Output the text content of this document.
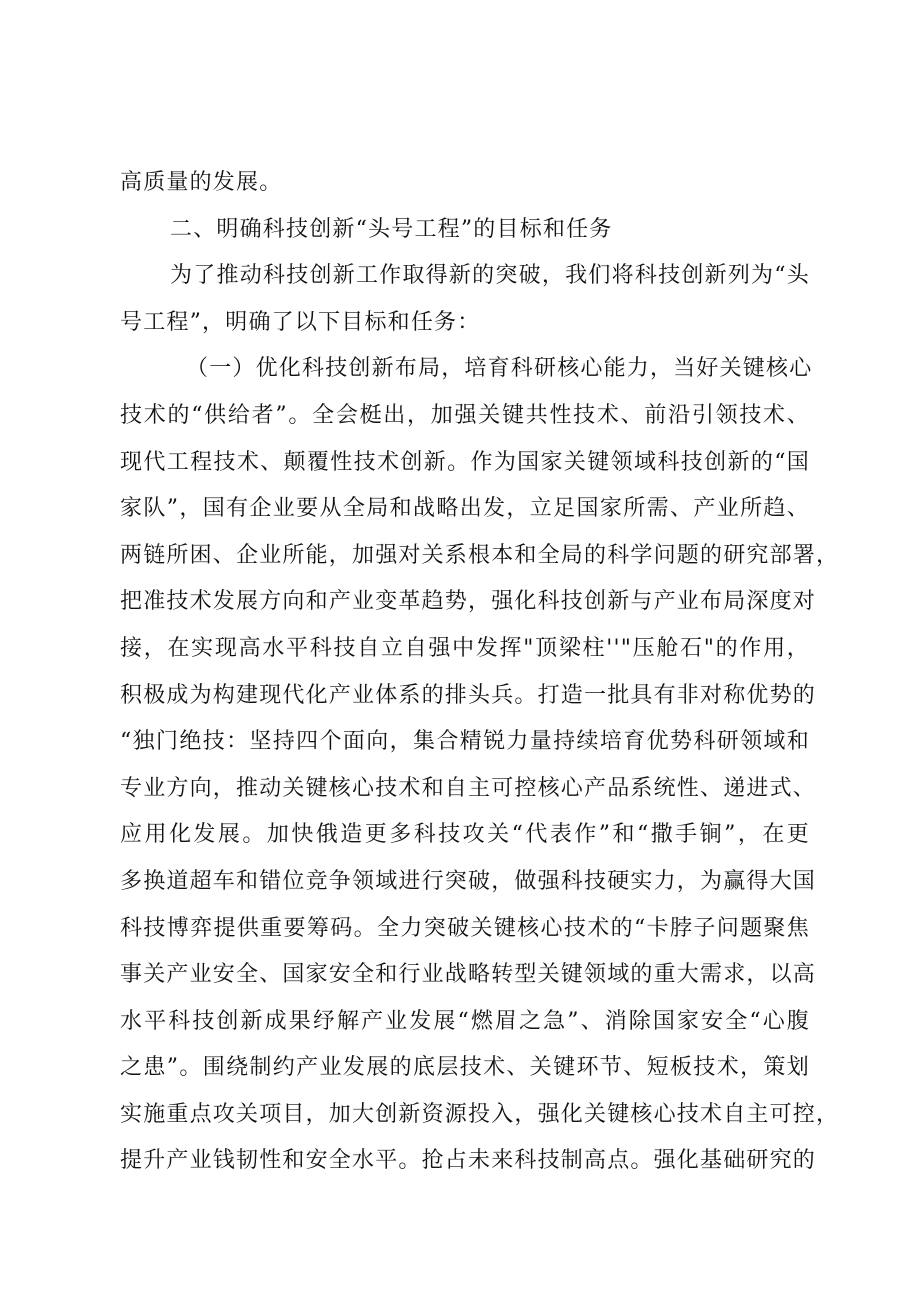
高质量的发展。
二、明确科技创新“头号工程”的目标和任务
为了推动科技创新工作取得新的突破，我们将科技创新列为“头
号工程”，明确了以下目标和任务：
（一）优化科技创新布局，培育科研核心能力，当好关键核心
技术的“供给者”。全会梃出，加强关键共性技术、前沿引领技术、
现代工程技术、颠覆性技术创新。作为国家关键领域科技创新的“国
家队”，国有企业要从全局和战略出发，立足国家所需、产业所趋、
两链所困、企业所能，加强对关系根本和全局的科学问题的研究部署，
把准技术发展方向和产业变革趋势，强化科技创新与产业布局深度对
接，在实现高水平科技自立自强中发挥"顶梁柱''"压舱石"的作用，
积极成为构建现代化产业体系的排头兵。打造一批具有非对称优势的
“独门绝技：坚持四个面向，集合精锐力量持续培育优势科研领域和
专业方向，推动关键核心技术和自主可控核心产品系统性、递进式、
应用化发展。加快俄造更多科技攻关“代表作”和“撒手锏”，在更
多换道超车和错位竞争领域进行突破，做强科技硬实力，为赢得大国
科技博弈提供重要筹码。全力突破关键核心技术的“卡脖子问题聚焦
事关产业安全、国家安全和行业战略转型关键领域的重大需求，以高
水平科技创新成果纾解产业发展“燃眉之急”、消除国家安全“心腹
之患”。围绕制约产业发展的底层技术、关键环节、短板技术，策划
实施重点攻关项目，加大创新资源投入，强化关键核心技术自主可控，
提升产业钱韧性和安全水平。抢占未来科技制高点。强化基础研究的
